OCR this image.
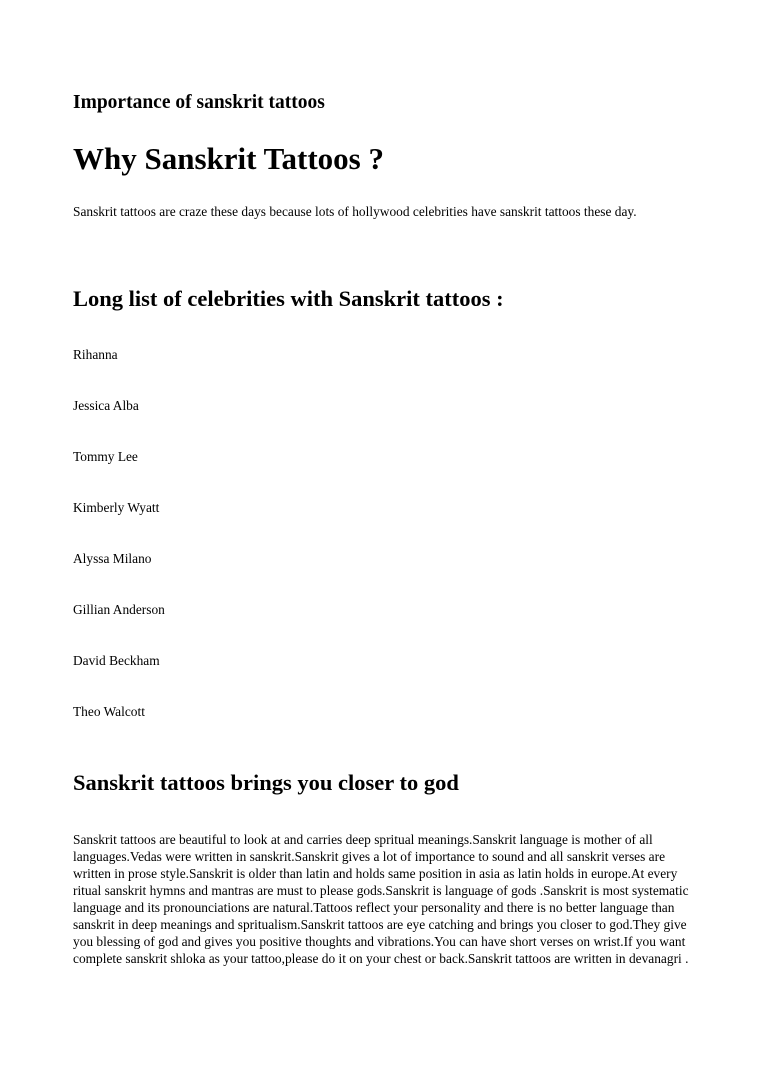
Importance of sanskrit tattoos
Why Sanskrit Tattoos ?

Sanskrit tattoos are craze these days because lots of hollywood celebrities have sanskrit tattoos these day.

Long list of celebrities with Sanskrit tattoos :
Rihanna
Jessica Alba
Tommy Lee
Kimberly Wyatt
Alyssa Milano
Gillian Anderson
David Beckham
Theo Walcott
Sanskrit tattoos brings you closer to god

Sanskrit tattoos are beautiful to look at and carries deep spritual meanings.Sanskrit language is mother of all languages.Vedas were written in sanskrit.Sanskrit gives a lot of importance to sound and all sanskrit verses are written in prose style.Sanskrit is older than latin and holds same position in asia as latin holds in europe.At every ritual sanskrit hymns and mantras are must to please gods.Sanskrit is language of gods .Sanskrit is most systematic language and its pronounciations are natural.Tattoos reflect your personality and there is no better language than sanskrit in deep meanings and spritualism.Sanskrit tattoos are eye catching and brings you closer to god.They give you blessing of god and gives you positive thoughts and vibrations.You can have short verses on wrist.If you want complete sanskrit shloka as your tattoo,please do it on your chest or back.Sanskrit tattoos are written in devanagri .
